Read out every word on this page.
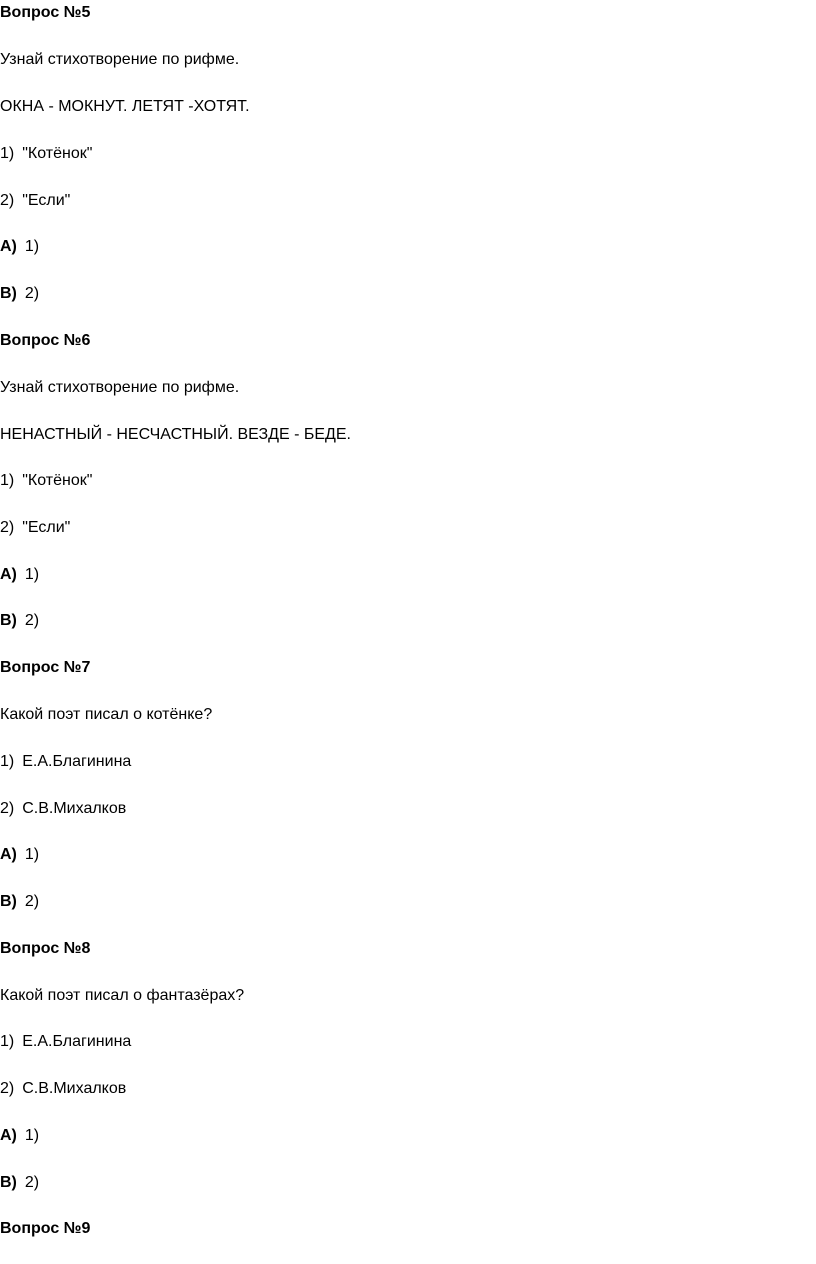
Вопрос №5
Узнай стихотворение по рифме.
ОКНА - МОКНУТ. ЛЕТЯТ -ХОТЯТ.
1) "Котёнок"
2) "Если"
А) 1)
В) 2)
Вопрос №6
Узнай стихотворение по рифме.
НЕНАСТНЫЙ - НЕСЧАСТНЫЙ. ВЕЗДЕ - БЕДЕ.
1) "Котёнок"
2) "Если"
А) 1)
В) 2)
Вопрос №7
Какой поэт писал о котёнке?
1) Е.А.Благинина
2) С.В.Михалков
А) 1)
В) 2)
Вопрос №8
Какой поэт писал о фантазёрах?
1) Е.А.Благинина
2) С.В.Михалков
А) 1)
В) 2)
Вопрос №9
